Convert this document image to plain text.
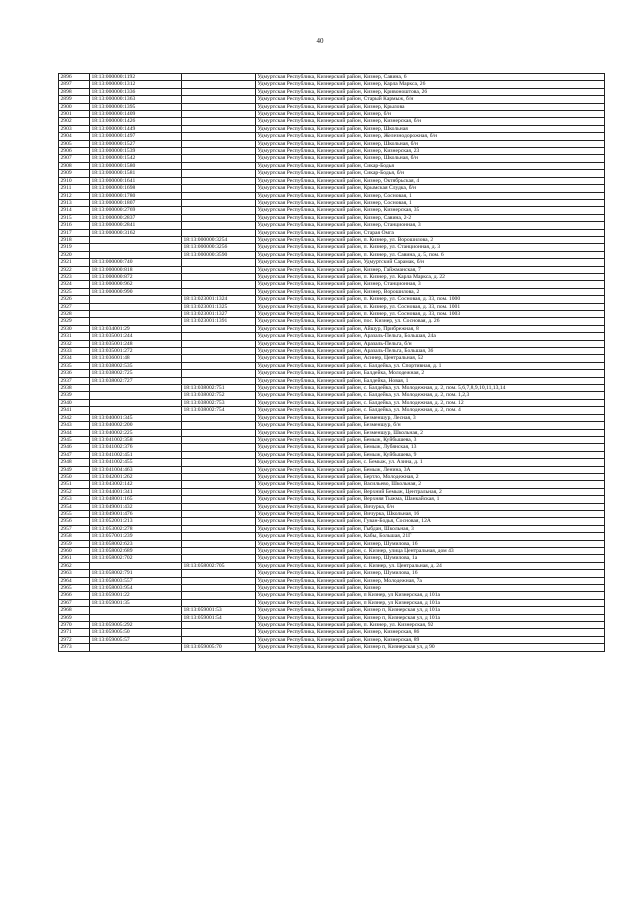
40
2896	18:13:000000:1192		Удмуртская Республика, Кизнерский район, Кизнер, Савина, 6
2897	18:13:000000:1312		Удмуртская Республика, Кизнерский район, Кизнер, Карла Маркса, 26
2898	18:13:000000:1336		Удмуртская Республика, Кизнерский район, Кизнер, Кривоноштова, 26
2899	18:13:000000:1363		Удмуртская Республика, Кизнерский район, Старый Кармыж, б/н
2900	18:13:000000:1395		Удмуртская Республика, Кизнерский район, Кизнер, Крылова
2901	18:13:000000:1409		Удмуртская Республика, Кизнерский район, Кизнер, б/н
2902	18:13:000000:1426		Удмуртская Республика, Кизнерский район, Кизнер, Кизнерская, б/н
2903	18:13:000000:1449		Удмуртская Республика, Кизнерский район, Кизнер, Школьная
2904	18:13:000000:1497		Удмуртская Республика, Кизнерский район, Кизнер, Железнодорожная, б/н
2905	18:13:000000:1527		Удмуртская Республика, Кизнерский район, Кизнер, Школьная, б/н
2906	18:13:000000:1539		Удмуртская Республика, Кизнерский район, Кизнер, Кизнерская, 23
2907	18:13:000000:1542		Удмуртская Республика, Кизнерский район, Кизнер, Школьная, б/н
2908	18:13:000000:1580		Удмуртская Республика, Кизнерский район, Сикар-Бодья
2909	18:13:000000:1581		Удмуртская Республика, Кизнерский район, Сикар-Бодья, б/н
2910	18:13:000000:1641		Удмуртская Республика, Кизнерский район, Кизнер, Октябрьская, 4
2911	18:13:000000:1698		Удмуртская Республика, Кизнерский район, Крымская Слудка, б/н
2912	18:13:000000:1780		Удмуртская Республика, Кизнерский район, Кизнер, Сосновая, 1
2913	18:13:000000:1807		Удмуртская Республика, Кизнерский район, Кизнер, Сосновая, 1
2914	18:13:000000:2769		Удмуртская Республика, Кизнерский район, Кизнер, Кизнерская, 35
2915	18:13:000000:2837		Удмуртская Республика, Кизнерский район, Кизнер, Савина, 2-2
2916	18:13:000000:2841		Удмуртская Республика, Кизнерский район, Кизнер, Станционная, 3
2917	18:13:000000:3162		Удмуртская Республика, Кизнерский район, Старая Омга
2918		18:13:000000:3254	Удмуртская Республика, Кизнерский район, п. Кизнер, ул. Ворошилова, 2
2919		18:13:000000:3256	Удмуртская Республика, Кизнерский район, п. Кизнер, ул. Станционная, д. 3
2920		18:13:000000:3590	Удмуртская Республика, Кизнерский район, п. Кизнер, ул. Савина, д. 5, пом. 6
2921	18:13:000000:740		Удмуртская Республика, Кизнерский район, Удмуртский Сарамак, б/н
2922	18:13:000000:818		Удмуртская Республика, Кизнерский район, Кизнер, Гайжманская, 7
2923	18:13:000000:872		Удмуртская Республика, Кизнерский район, п. Кизнер, ул. Карла Маркса, д. 22
2924	18:13:000000:962		Удмуртская Республика, Кизнерский район, Кизнер, Станционная, 3
2925	18:13:000000:990		Удмуртская Республика, Кизнерский район, Кизнер, Ворошилова, 2
2926		18:13:023001:1324	Удмуртская Республика, Кизнерский район, п. Кизнер, ул. Сосновая, д. 33, пом. 1000
2927		18:13:023001:1325	Удмуртская Республика, Кизнерский район, п. Кизнер, ул. Сосновая, д. 33, пом. 1001
2928		18:13:023001:1327	Удмуртская Республика, Кизнерский район, п. Кизнер, ул. Сосновая, д. 33, пом. 1003
2929		18:13:023001:1391	Удмуртская Республика, Кизнерский район, пос. Кизнер, ул. Сосновая, д. 26
2930	18:13:034001:29		Удмуртская Республика, Кизнерский район, Айшур, Прибрежная, 8
2931	18:13:035001:244		Удмуртская Республика, Кизнерский район, Аразаль-Пельга, Большая, 24а
2932	18:13:035001:248		Удмуртская Республика, Кизнерский район, Аразаль-Пельга, б/н
2933	18:13:035001:272		Удмуртская Республика, Кизнерский район, Аразаль-Пельга, Большая, 36
2934	18:13:036001:48		Удмуртская Республика, Кизнерский район, Асинер, Центральная, 52
2935	18:13:038002:535		Удмуртская Республика, Кизнерский район, с. Балдейка, ул. Спортивная, д. 1
2936	18:13:038002:725		Удмуртская Республика, Кизнерский район, Балдейка, Молодежная, 2
2937	18:13:038002:727		Удмуртская Республика, Кизнерский район, Балдейка, Новая, 1
2938		18:13:038002:751	Удмуртская Республика, Кизнерский район, с. Балдейка, ул. Молодежная, д. 2, пом. 5,6,7,8,9,10,11,13,14
2939		18:13:038002:752	Удмуртская Республика, Кизнерский район, с. Балдейка, ул. Молодежная, д. 2, пом. 1,2,3
2940		18:13:038002:753	Удмуртская Республика, Кизнерский район, с. Балдейка, ул. Молодежная, д. 2, пом. 12
2941		18:13:038002:754	Удмуртская Республика, Кизнерский район, с. Балдейка, ул. Молодежная, д. 2, пом. 4
2942	18:13:040001:345		Удмуртская Республика, Кизнерский район, Безменшур, Лесная, 3
2943	18:13:040002:200		Удмуртская Республика, Кизнерский район, Безменшур, б/н
2944	18:13:040002:225		Удмуртская Республика, Кизнерский район, Безменшур, Школьная, 2
2945	18:13:041002:358		Удмуртская Республика, Кизнерский район, Бемыж, Куйбышева, 3
2946	18:13:041002:376		Удмуртская Республика, Кизнерский район, Бемыж, Лубянская, 13
2947	18:13:041002:451		Удмуртская Республика, Кизнерский район, Бемыж, Куйбышева, 9
2948	18:13:041002:455		Удмуртская Республика, Кизнерский район, с. Бемыж, ул. Азина, д. 1
2949	18:13:041004:463		Удмуртская Республика, Кизнерский район, Бемыж, Ленина, 3А
2950	18:13:042001:262		Удмуртская Республика, Кизнерский район, Бертло, Молодежная, 2
2951	18:13:043002:142		Удмуртская Республика, Кизнерский район, Васильево, Школьная, 2
2952	18:13:044001:341		Удмуртская Республика, Кизнерский район, Верхний Бемыж, Центральная, 2
2953	18:13:048001:165		Удмуртская Республика, Кизнерский район, Верхняя Тыжма, Шанкайская, 1
2954	18:13:049001:432		Удмуртская Республика, Кизнерский район, Вичурка, б/н
2955	18:13:049001:476		Удмуртская Республика, Кизнерский район, Вичурка, Школьная, 16
2956	18:13:052001:213		Удмуртская Республика, Кизнерский район, Гуван-Бодья, Сосновая, 12А
2957	18:13:053002:278		Удмуртская Республика, Кизнерский район, Гыбдан, Школьная, 3
2958	18:13:057001:239		Удмуртская Республика, Кизнерский район, Кабы, Большая, 21Г
2959	18:13:058002:623		Удмуртская Республика, Кизнерский район, Кизнер, Шумилова, 16
2960	18:13:058002:689		Удмуртская Республика, Кизнерский район, с. Кизнер, улица Центральная, дом 43
2961	18:13:058002:702		Удмуртская Республика, Кизнерский район, Кизнер, Шумилова, 1а
2962		18:13:058002:705	Удмуртская Республика, Кизнерский район, с. Кизнер, ул. Центральная, д. 24
2963	18:13:058002:791		Удмуртская Республика, Кизнерский район, Кизнер, Шумилова, 16
2964	18:13:058003:557		Удмуртская Республика, Кизнерский район, Кизнер, Молодежная, 7а
2965	18:13:058003:954		Удмуртская Республика, Кизнерский район, Кизнер
2966	18:13:059001:22		Удмуртская Республика, Кизнерский район, п Кизнер, ул Кизнерская, д 101а
2967	18:13:059001:35		Удмуртская Республика, Кизнерский район, п Кизнер, ул Кизнерская, д 101а
2968		18:13:059001:53	Удмуртская Республика, Кизнерский район, Кизнер п, Кизнерская ул, д 101а
2969		18:13:059001:54	Удмуртская Республика, Кизнерский район, Кизнер п, Кизнерская ул, д 101а
2970	18:13:059005:292		Удмуртская Республика, Кизнерский район, п. Кизнер, ул. Кизнерская, 92
2971	18:13:059005:50		Удмуртская Республика, Кизнерский район, Кизнер, Кизнерская, 86
2972	18:13:059005:57		Удмуртская Республика, Кизнерский район, Кизнер, Кизнерская, 89
2973		18:13:059005:70	Удмуртская Республика, Кизнерский район, Кизнер п, Кизнерская ул, д 90
